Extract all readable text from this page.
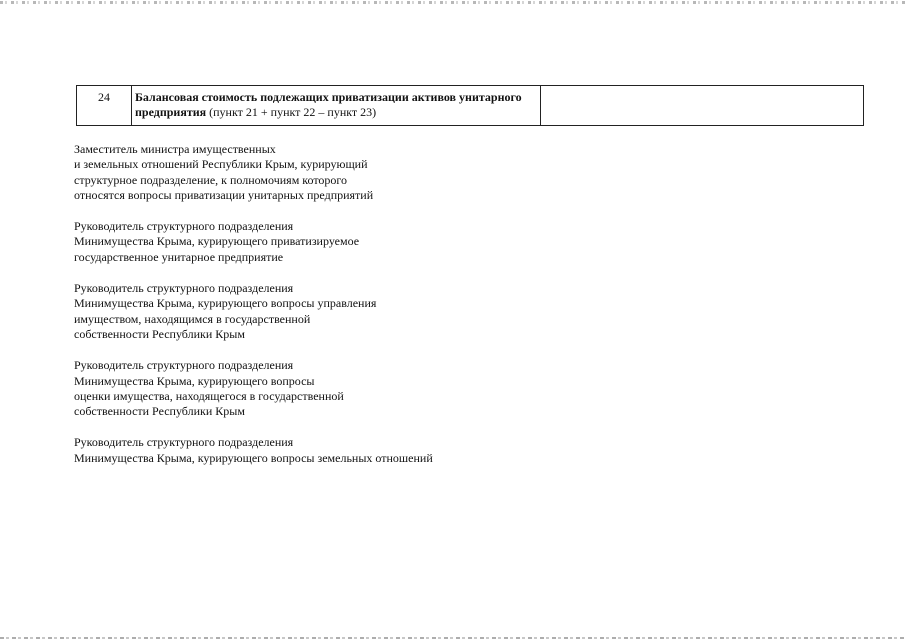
24	Балансовая стоимость подлежащих приватизации активов унитарного предприятия (пункт 21 + пункт 22 – пункт 23)	
Заместитель министра имущественных
и земельных отношений Республики Крым, курирующий
структурное подразделение, к полномочиям которого
относятся вопросы приватизации унитарных предприятий
Руководитель структурного подразделения
Минимущества Крыма, курирующего приватизируемое
государственное унитарное предприятие
Руководитель структурного подразделения
Минимущества Крыма, курирующего вопросы управления
имуществом, находящимся в государственной
собственности Республики Крым
Руководитель структурного подразделения
Минимущества Крыма, курирующего вопросы
оценки имущества, находящегося в государственной
собственности Республики Крым
Руководитель структурного подразделения
Минимущества Крыма, курирующего вопросы земельных отношений
